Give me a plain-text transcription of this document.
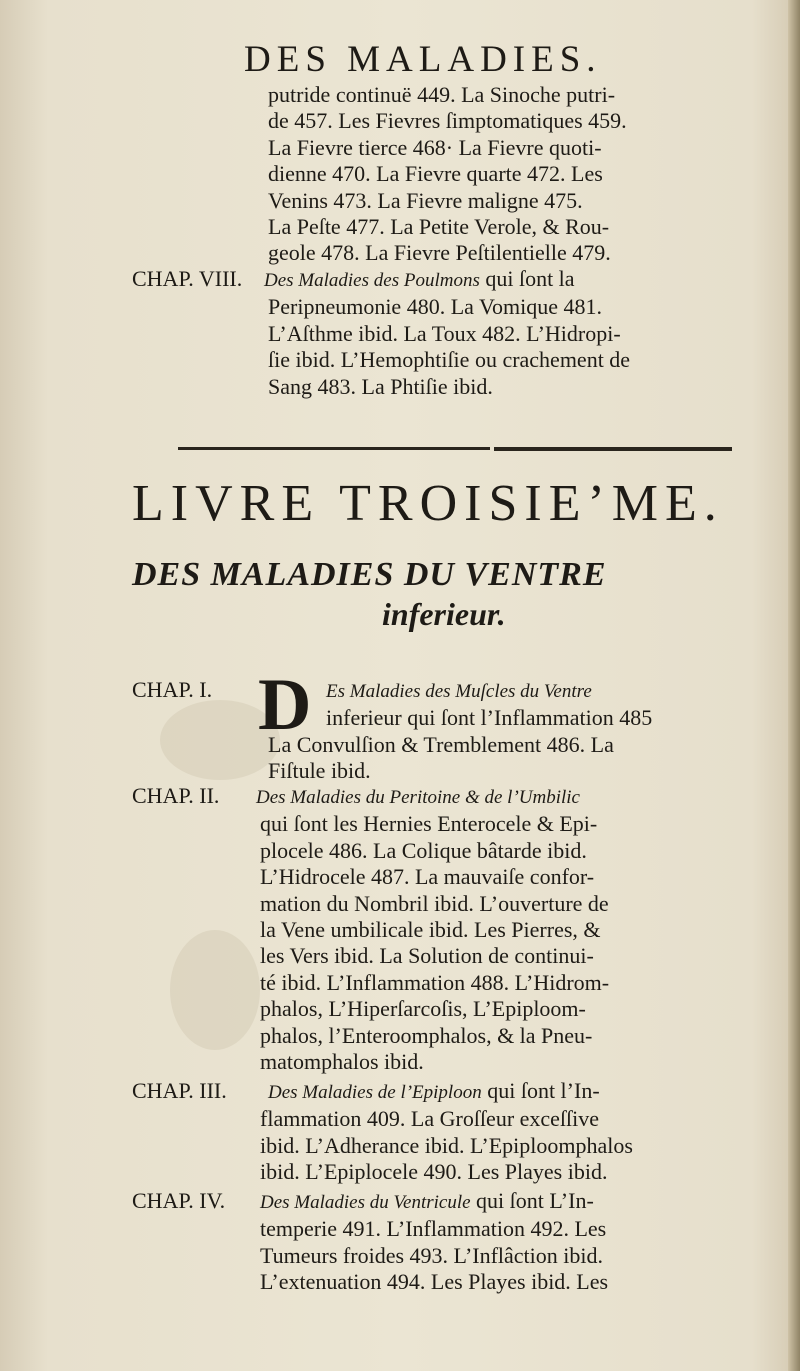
DES MALADIES.
putride continuë 449. La Sinoche putri-
de 457. Les Fievres ſimptomatiques 459.
La Fievre tierce 468· La Fievre quoti-
dienne 470. La Fievre quarte 472. Les
Venins 473. La Fievre maligne 475.
La Peſte 477. La Petite Verole, & Rou-
geole 478. La Fievre Peſtilentielle 479.
CHAP. VIII.	Des Maladies des Poulmons qui ſont la
Peripneumonie 480. La Vomique 481.
L’Aſthme ibid. La Toux 482. L’Hidropi-
ſie ibid. L’Hemophtiſie ou crachement de
Sang 483. La Phtiſie ibid.
LIVRE TROISIE’ME.
DES MALADIES DU VENTRE
inferieur.
D
CHAP. I.	Es Maladies des Muſcles du Ventre
inferieur qui ſont l’Inflammation 485
La Convulſion & Tremblement 486. La
Fiſtule ibid.
CHAP. II.	Des Maladies du Peritoine & de l’Umbilic
qui ſont les Hernies Enterocele & Epi-
plocele 486. La Colique bâtarde ibid.
L’Hidrocele 487. La mauvaiſe confor-
mation du Nombril ibid. L’ouverture de
la Vene umbilicale ibid. Les Pierres, &
les Vers ibid. La Solution de continui-
té ibid. L’Inflammation 488. L’Hidrom-
phalos, L’Hiperſarcoſis, L’Epiploom-
phalos, l’Enteroomphalos, & la Pneu-
matomphalos ibid.
CHAP. III.	Des Maladies de l’Epiploon qui ſont l’In-
flammation 409. La Groſſeur exceſſive
ibid. L’Adherance ibid. L’Epiploomphalos
ibid. L’Epiplocele 490. Les Playes ibid.
CHAP. IV.	Des Maladies du Ventricule qui ſont L’In-
temperie 491. L’Inflammation 492. Les
Tumeurs froides 493. L’Inflâction ibid.
L’extenuation 494. Les Playes ibid. Les
